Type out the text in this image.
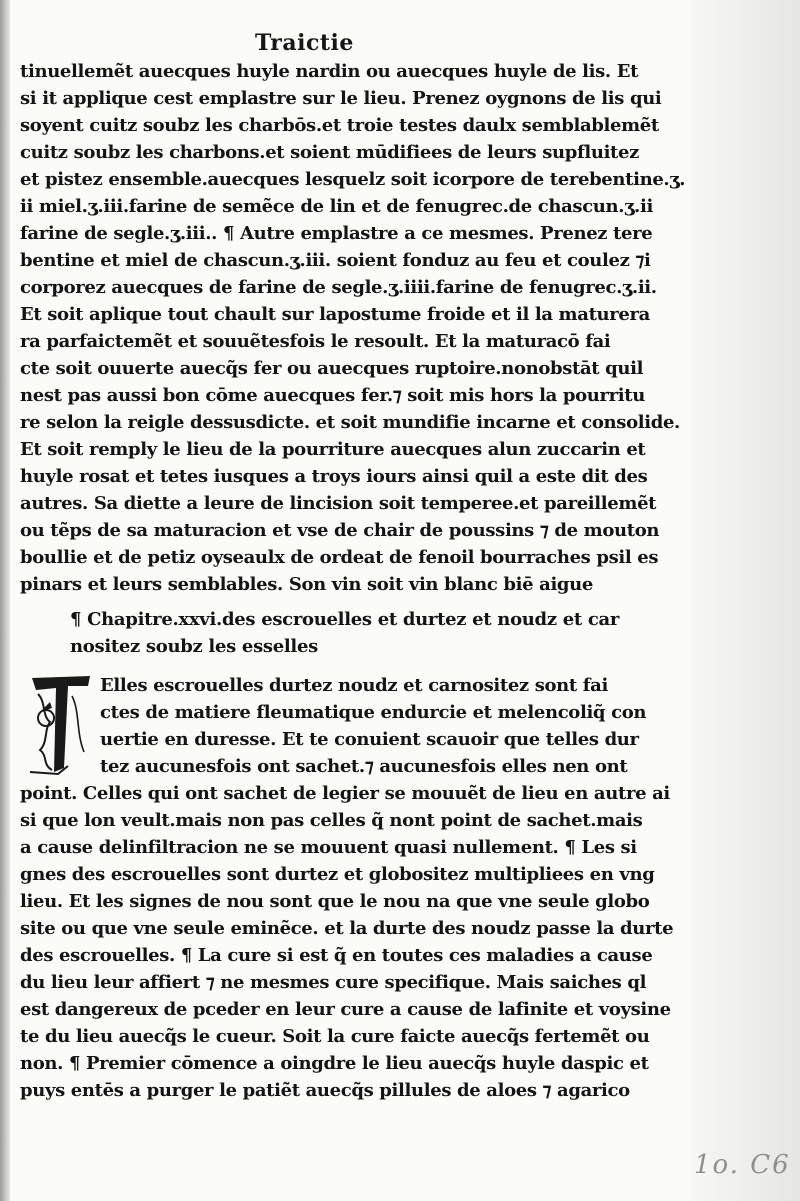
Traictie
tinuellemẽt auecques huyle nardin ou auecques huyle de lis. Et
si it applique cest emplastre sur le lieu. Prenez oygnons de lis qui
soyent cuitz soubz les charbōs.et troie testes daulx semblablemẽt
cuitz soubz les charbons.et soient mūdifiees de leurs supfluitez
et pistez ensemble.auecques lesquelz soit icorpore de terebentine.ʒ.
ii miel.ʒ.iii.farine de semẽce de lin et de fenugrec.de chascun.ʒ.ii
farine de segle.ʒ.iii.. ¶ Autre emplastre a ce mesmes. Prenez tere
bentine et miel de chascun.ʒ.iii. soient fonduz au feu et coulez ⁊i
corporez auecques de farine de segle.ʒ.iiii.farine de fenugrec.ʒ.ii.
Et soit aplique tout chault sur lapostume froide et il la maturera
ra parfaictemẽt et souuẽtesfois le resoult. Et la maturacō fai
cte soit ouuerte auecq̃s fer ou auecques ruptoire.nonobstāt quil
nest pas aussi bon cōme auecques fer.⁊ soit mis hors la pourritu
re selon la reigle dessusdicte. et soit mundifie incarne et consolide.
Et soit remply le lieu de la pourriture auecques alun zuccarin et
huyle rosat et tetes iusques a troys iours ainsi quil a este dit des
autres. Sa diette a leure de lincision soit temperee.et pareillemẽt
ou tẽps de sa maturacion et vse de chair de poussins ⁊ de mouton
boullie et de petiz oyseaulx de ordeat de fenoil bourraches psil es
pinars et leurs semblables. Son vin soit vin blanc biē aigue
¶ Chapitre.xxvi.des escrouelles et durtez et noudz et car
nositez soubz les esselles
Elles escrouelles durtez noudz et carnositez sont fai
ctes de matiere fleumatique endurcie et melencoliq̃ con
uertie en duresse. Et te conuient scauoir que telles dur
tez aucunesfois ont sachet.⁊ aucunesfois elles nen ont
point. Celles qui ont sachet de legier se mouuẽt de lieu en autre ai
si que lon veult.mais non pas celles q̃ nont point de sachet.mais
a cause delinfiltracion ne se mouuent quasi nullement. ¶ Les si
gnes des escrouelles sont durtez et globositez multipliees en vng
lieu. Et les signes de nou sont que le nou na que vne seule globo
site ou que vne seule eminẽce. et la durte des noudz passe la durte
des escrouelles. ¶ La cure si est q̃ en toutes ces maladies a cause
du lieu leur affiert ⁊ ne mesmes cure specifique. Mais saiches ql
est dangereux de pceder en leur cure a cause de lafinite et voysine
te du lieu auecq̃s le cueur. Soit la cure faicte auecq̃s fertemẽt ou
non. ¶ Premier cōmence a oingdre le lieu auecq̃s huyle daspic et
puys entēs a purger le patiẽt auecq̃s pillules de aloes ⁊ agarico
1o. C6
